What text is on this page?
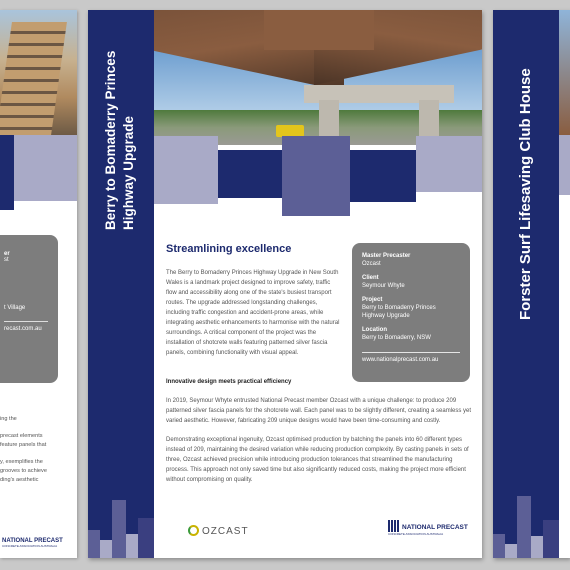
er
st
t Village
recast.com.au

ing the

precast elements

feature panels that

y, exemplifies the

grooves to achieve

ding's aesthetic

NATIONAL PRECAST
CONCRETE ASSOCIATION AUSTRALIA
Berry to Bomaderry Princes Highway Upgrade
Streamlining excellence

The Berry to Bomaderry Princes Highway Upgrade in New South Wales is a landmark project designed to improve safety, traffic flow and accessibility along one of the state's busiest transport routes. The upgrade addressed longstanding challenges, including traffic congestion and accident-prone areas, while integrating aesthetic enhancements to harmonise with the natural surroundings. A critical component of the project was the installation of shotcrete walls featuring patterned silver fascia panels, combining functionality with visual appeal.

Innovative design meets practical efficiency

In 2019, Seymour Whyte entrusted National Precast member Ozcast with a unique challenge: to produce 209 patterned silver fascia panels for the shotcrete wall. Each panel was to be slightly different, creating a seamless yet varied aesthetic. However, fabricating 209 unique designs would have been time-consuming and costly.

Demonstrating exceptional ingenuity, Ozcast optimised production by batching the panels into 60 different types instead of 209, maintaining the desired variation while reducing production complexity. By casting panels in sets of three, Ozcast achieved precision while introducing production tolerances that streamlined the manufacturing process. This approach not only saved time but also significantly reduced costs, making the project more efficient without compromising on quality.

Master Precaster
Ozcast
Client
Seymour Whyte
Project
Berry to Bomaderry Princes Highway Upgrade
Location
Berry to Bomaderry, NSW
www.nationalprecast.com.au
OZCAST	NATIONAL PRECAST
CONCRETE ASSOCIATION AUSTRALIA
Forster Surf Lifesaving Club House
